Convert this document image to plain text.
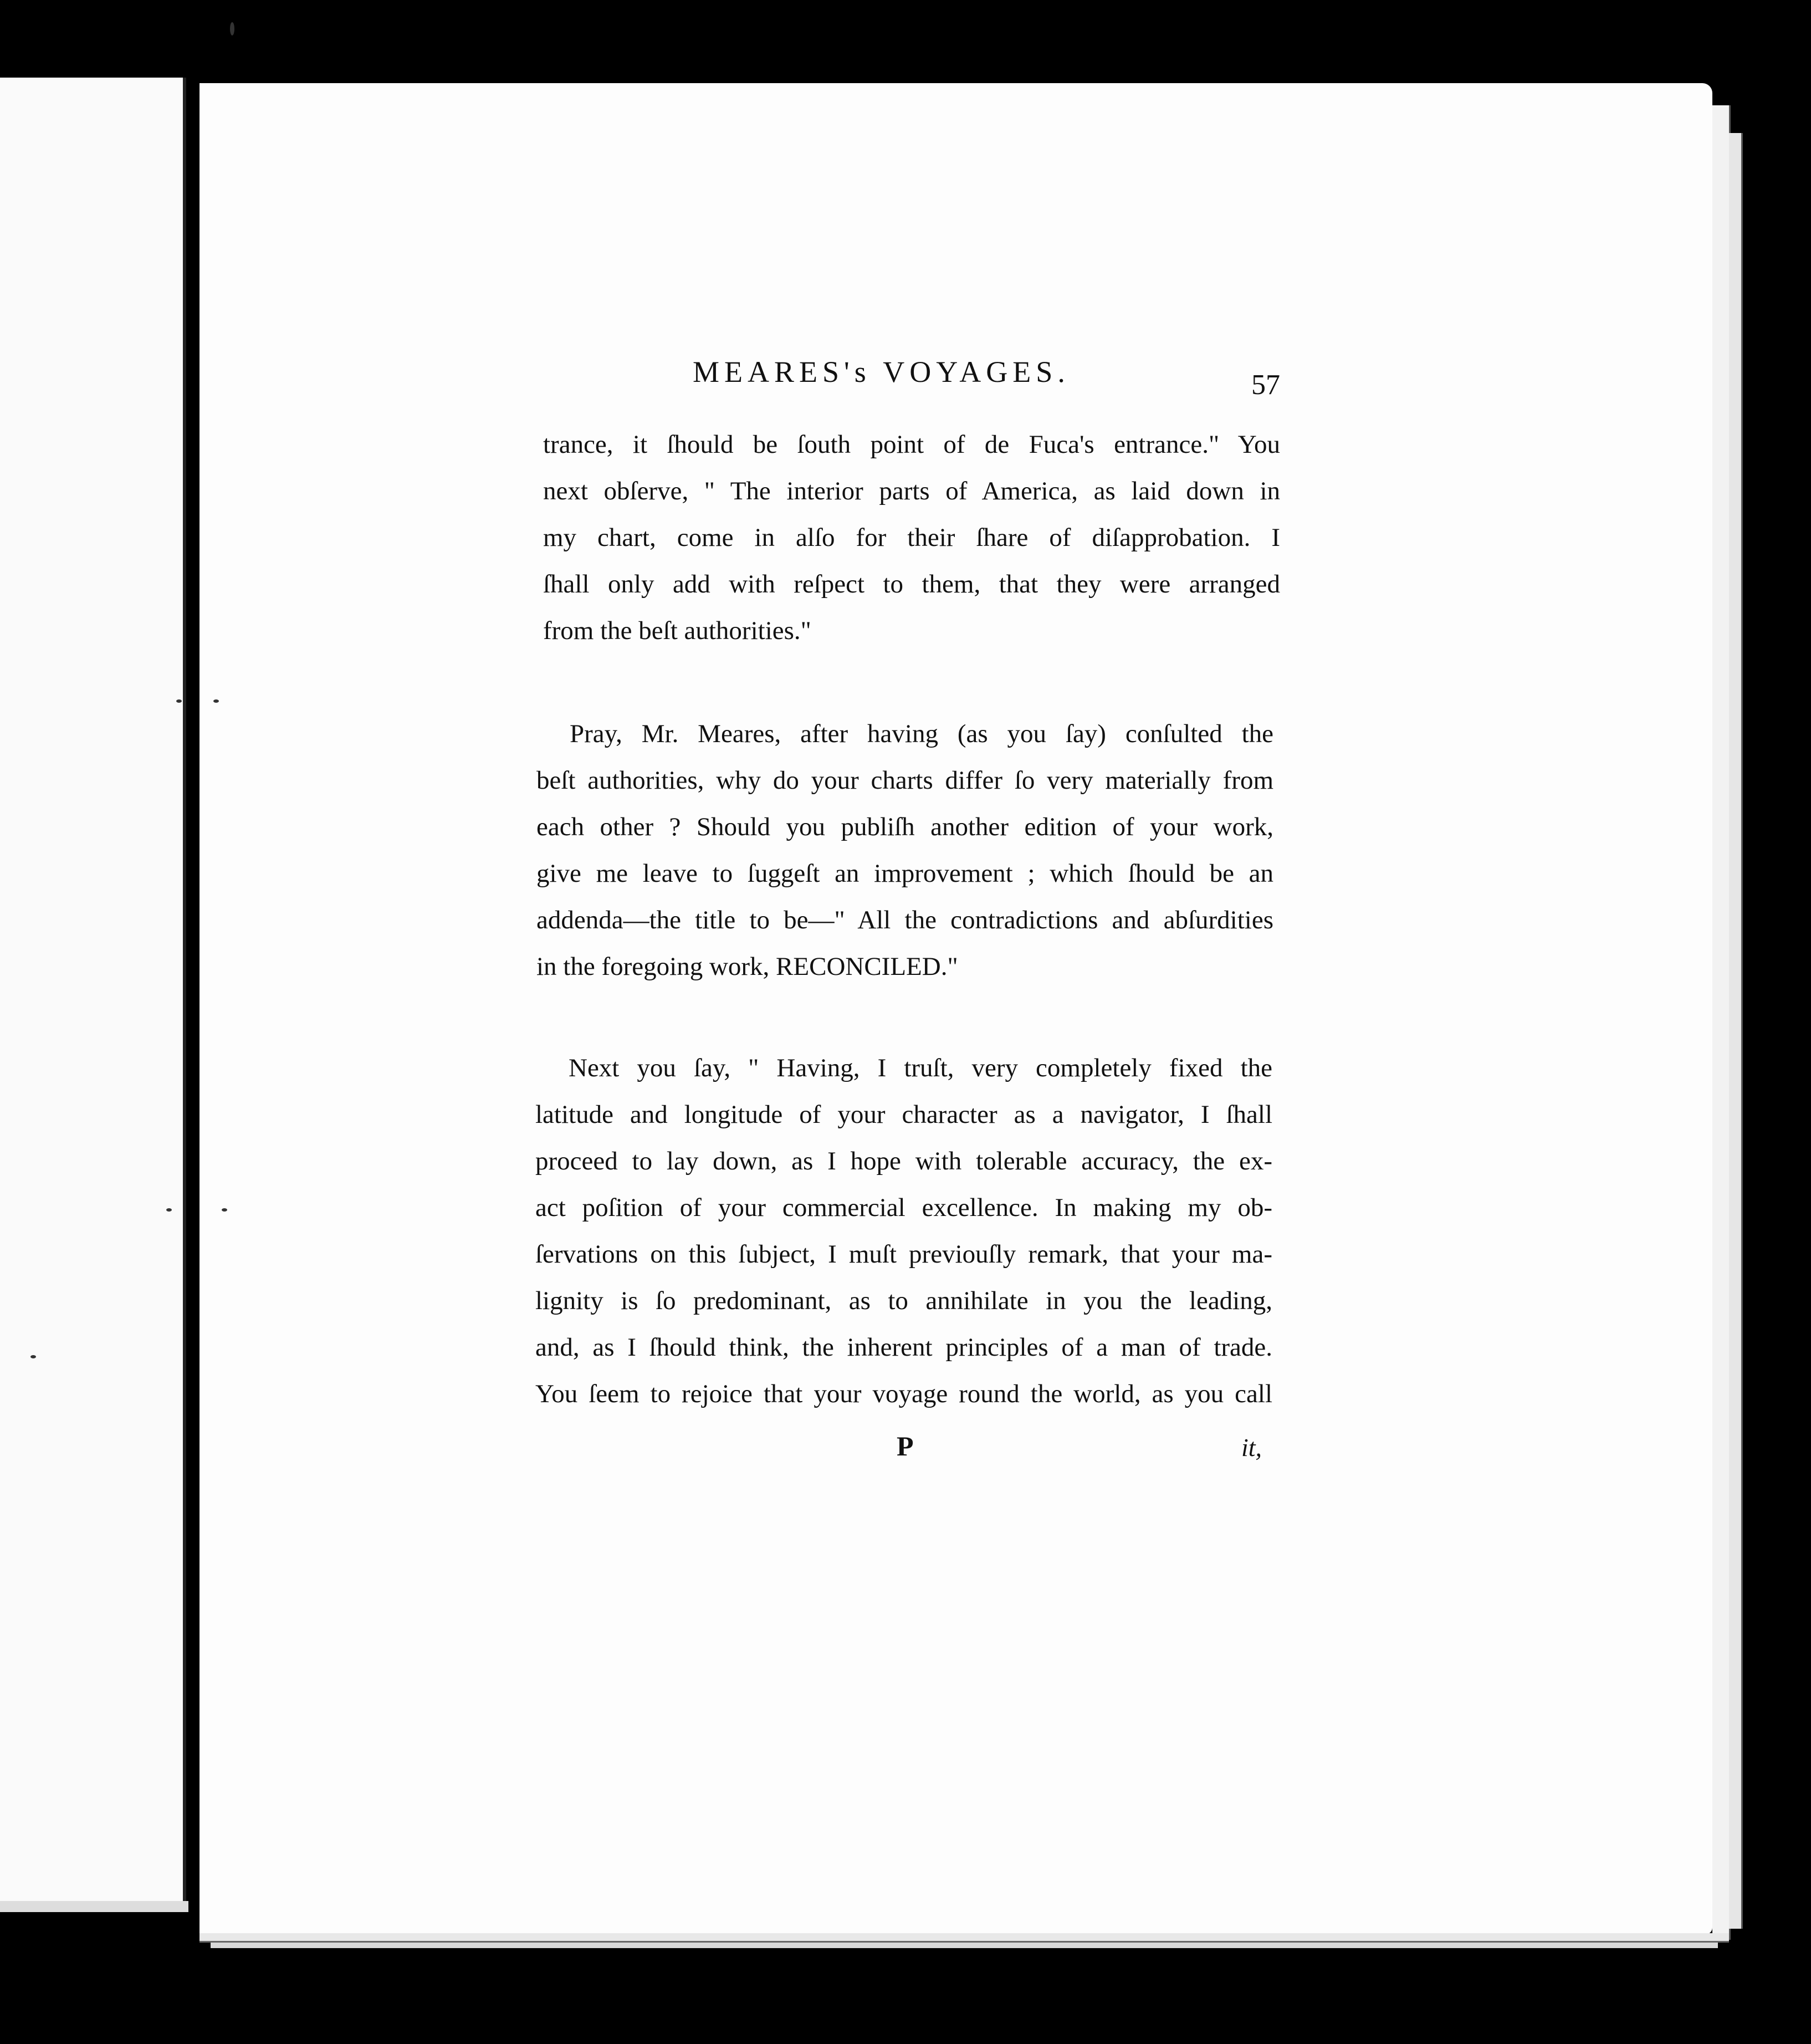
MEARES's VOYAGES.	57
trance, it ſhould be ſouth point of de Fuca's entrance." You
next obſerve, " The interior parts of America, as laid down in
my chart, come in alſo for their ſhare of diſapprobation. I
ſhall only add with reſpect to them, that they were arranged
from the beſt authorities."
Pray, Mr. Meares, after having (as you ſay) conſulted the
beſt authorities, why do your charts differ ſo very materially from
each other ? Should you publiſh another edition of your work,
give me leave to ſuggeſt an improvement ; which ſhould be an
addenda—the title to be—" All the contradictions and abſurdities
in the foregoing work, RECONCILED."
Next you ſay, " Having, I truſt, very completely fixed the
latitude and longitude of your character as a navigator, I ſhall
proceed to lay down, as I hope with tolerable accuracy, the ex-
act poſition of your commercial excellence. In making my ob-
ſervations on this ſubject, I muſt previouſly remark, that your ma-
lignity is ſo predominant, as to annihilate in you the leading,
and, as I ſhould think, the inherent principles of a man of trade.
You ſeem to rejoice that your voyage round the world, as you call
P	it,
